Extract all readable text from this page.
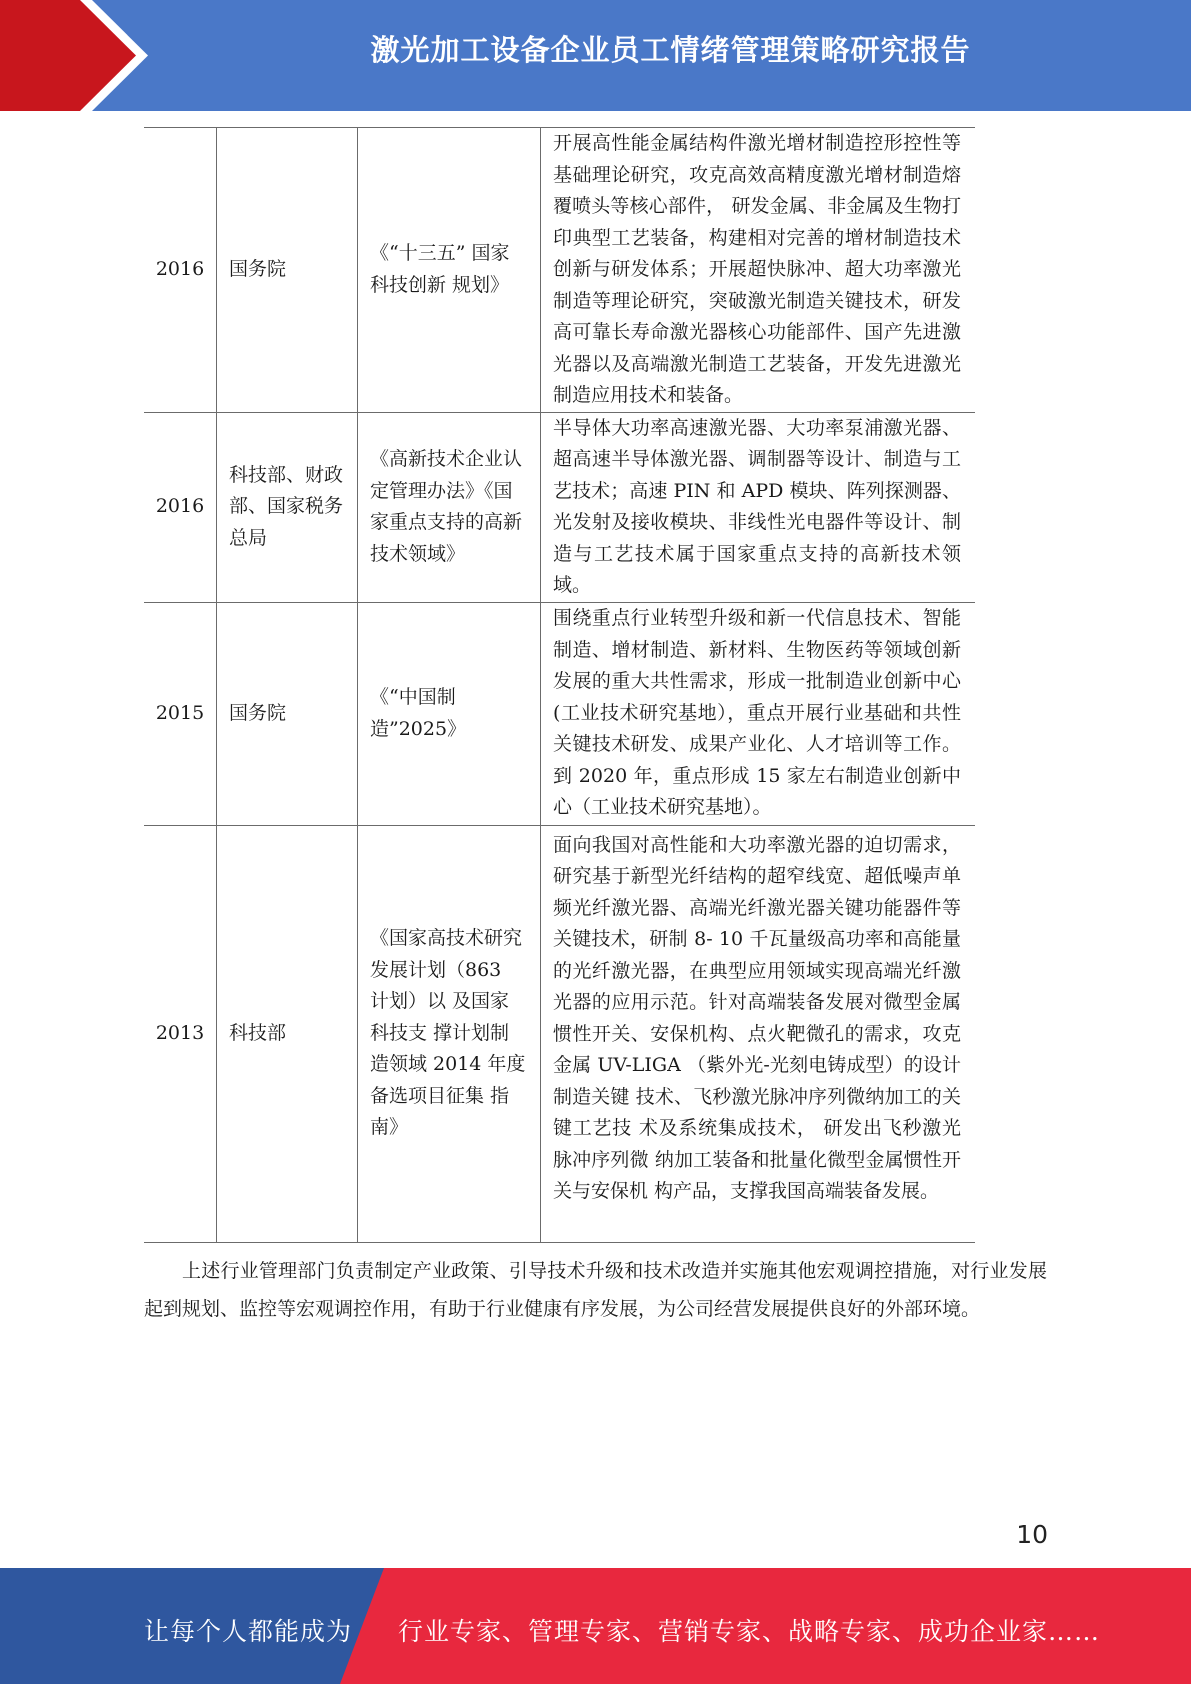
激光加工设备企业员工情绪管理策略研究报告
2016	国务院	《“十三五” 国家科技创新 规划》	开展高性能金属结构件激光增材制造控形控性等基础理论研究，攻克高效高精度激光增材制造熔覆喷头等核心部件， 研发金属、非金属及生物打印典型工艺装备，构建相对完善的增材制造技术创新与研发体系；开展超快脉冲、超大功率激光制造等理论研究，突破激光制造关键技术，研发高可靠长寿命激光器核心功能部件、国产先进激光器以及高端激光制造工艺装备，开发先进激光制造应用技术和装备。
2016	科技部、财政部、国家税务总局	《高新技术企业认定管理办法》《国家重点支持的高新技术领域》	半导体大功率高速激光器、大功率泵浦激光器、超高速半导体激光器、调制器等设计、制造与工艺技术；高速 PIN 和 APD 模块、阵列探测器、光发射及接收模块、非线性光电器件等设计、制造与工艺技术属于国家重点支持的高新技术领域。
2015	国务院	《“中国制造”2025》	围绕重点行业转型升级和新一代信息技术、智能制造、增材制造、新材料、生物医药等领域创新发展的重大共性需求，形成一批制造业创新中心(工业技术研究基地），重点开展行业基础和共性 关键技术研发、成果产业化、人才培训等工作。 到 2020 年，重点形成 15 家左右制造业创新中心（工业技术研究基地）。
2013	科技部	《国家高技术研究发展计划（863 计划）以 及国家科技支 撑计划制造领域 2014 年度备选项目征集 指南》	面向我国对高性能和大功率激光器的迫切需求，研究基于新型光纤结构的超窄线宽、超低噪声单频光纤激光器、高端光纤激光器关键功能器件等关键技术，研制 8- 10 千瓦量级高功率和高能量的光纤激光器，在典型应用领域实现高端光纤激光器的应用示范。针对高端装备发展对微型金属惯性开关、安保机构、点火靶微孔的需求，攻克金属 UV-LIGA （紫外光-光刻电铸成型）的设计制造关键 技术、飞秒激光脉冲序列微纳加工的关键工艺技 术及系统集成技术， 研发出飞秒激光脉冲序列微 纳加工装备和批量化微型金属惯性开关与安保机 构产品，支撑我国高端装备发展。

上述行业管理部门负责制定产业政策、引导技术升级和技术改造并实施其他宏观调控措施，对行业发展起到规划、监控等宏观调控作用，有助于行业健康有序发展，为公司经营发展提供良好的外部环境。

10
让每个人都能成为 行业专家、管理专家、营销专家、战略专家、成功企业家……
